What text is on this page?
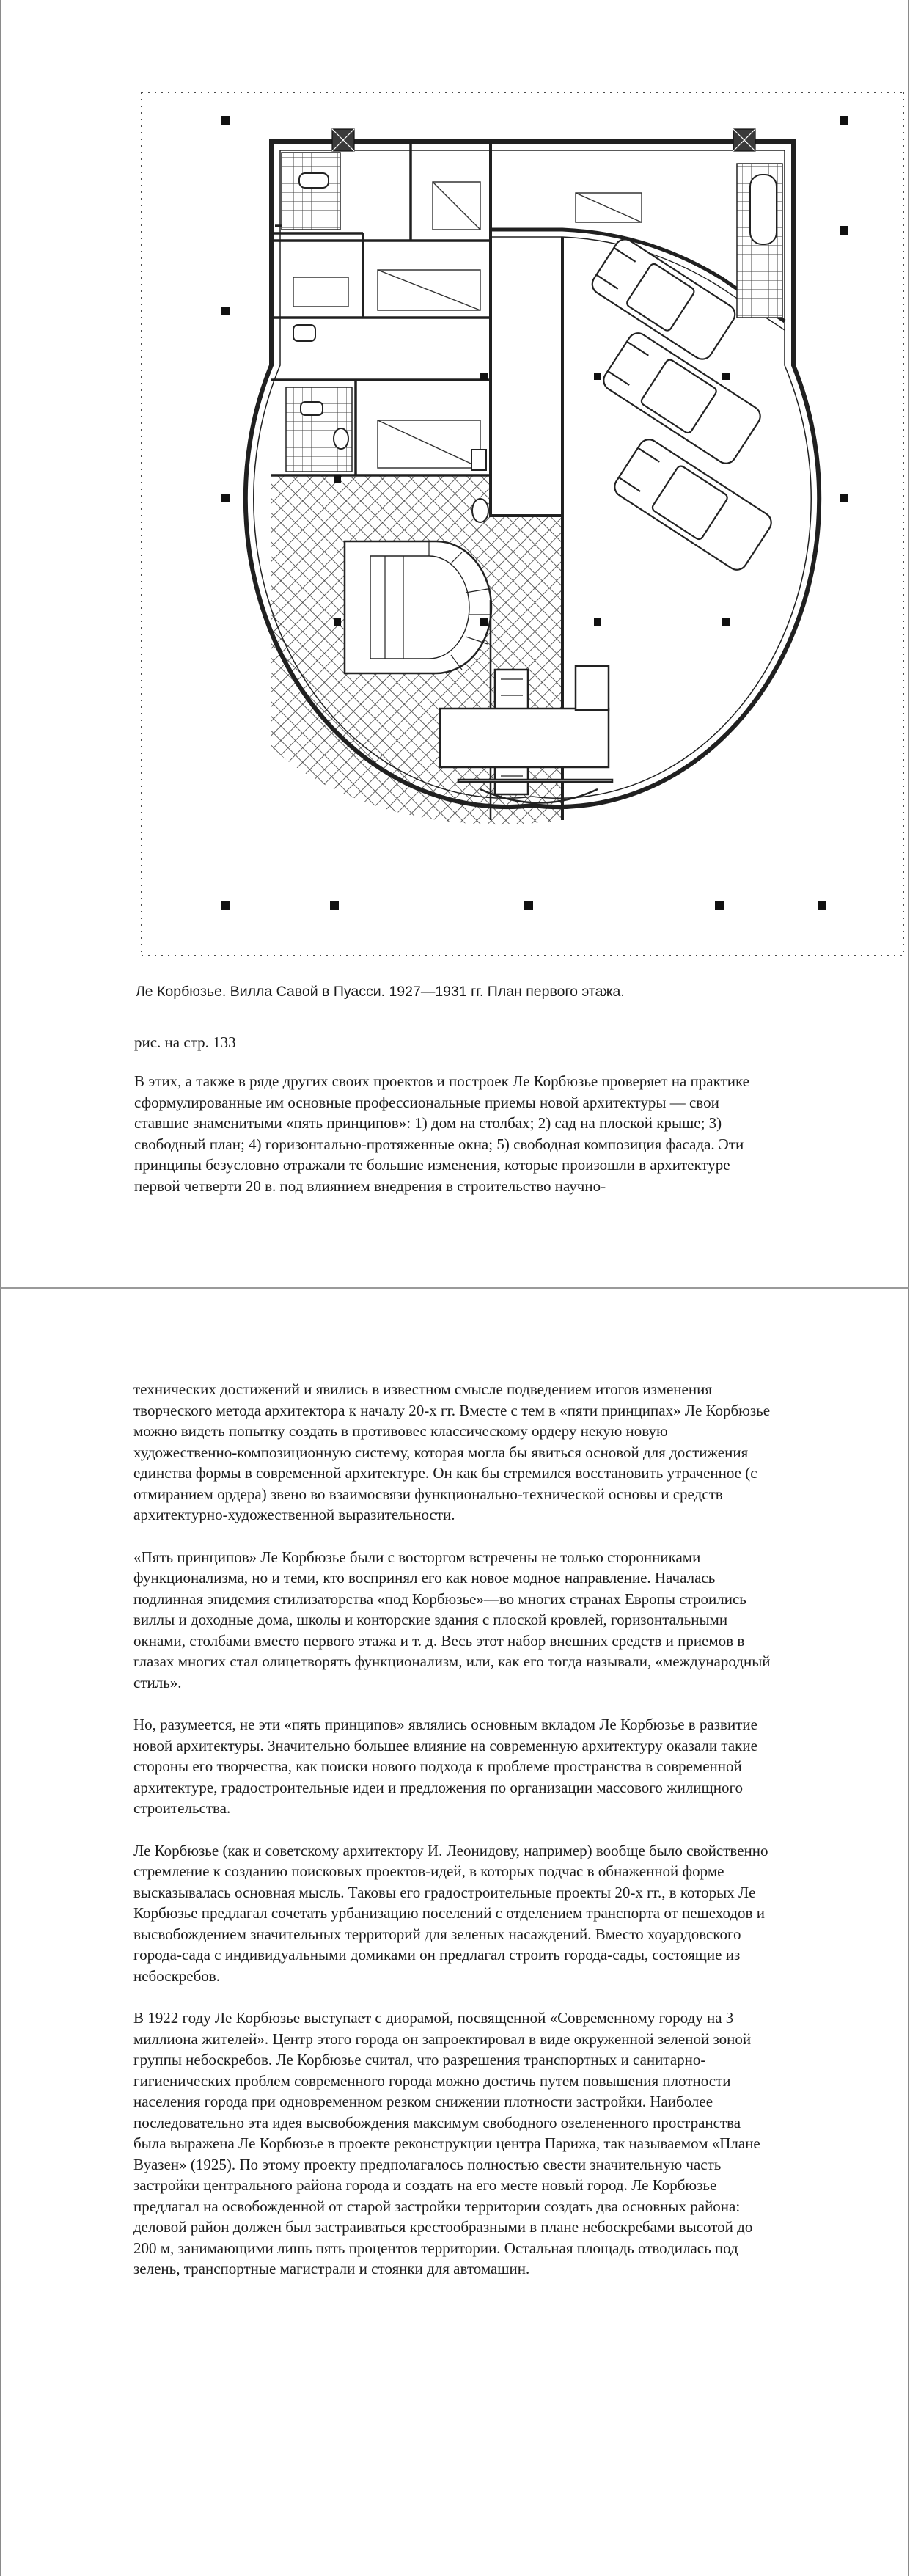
Ле Корбюзье. Вилла Савой в Пуасси. 1927—1931 гг. План первого этажа.

рис. на стр. 133

В этих, а также в ряде других своих проектов и построек Ле Корбюзье проверяет на практике сформулированные им основные профессиональные приемы новой архитектуры — свои ставшие знаменитыми «пять принципов»: 1) дом на столбах; 2) сад на плоской крыше; 3) свободный план; 4) горизонтально-протяженные окна; 5) свободная композиция фасада. Эти принципы безусловно отражали те большие изменения, которые произошли в архитектуре первой четверти 20 в. под влиянием внедрения в строительство научно-

технических достижений и явились в известном смысле подведением итогов изменения творческого метода архитектора к началу 20-х гг. Вместе с тем в «пяти принципах» Ле Корбюзье можно видеть попытку создать в противовес классическому ордеру некую новую художественно-композиционную систему, которая могла бы явиться основой для достижения единства формы в современной архитектуре. Он как бы стремился восстановить утраченное (с отмиранием ордера) звено во взаимосвязи функционально-технической основы и средств архитектурно-художественной выразительности.

«Пять принципов» Ле Корбюзье были с восторгом встречены не только сторонниками функционализма, но и теми, кто воспринял его как новое модное направление. Началась подлинная эпидемия стилизаторства «под Корбюзье»—во многих странах Европы строились виллы и доходные дома, школы и конторские здания с плоской кровлей, горизонтальными окнами, столбами вместо первого этажа и т. д. Весь этот набор внешних средств и приемов в глазах многих стал олицетворять функционализм, или, как его тогда называли, «международный стиль».

Но, разумеется, не эти «пять принципов» являлись основным вкладом Ле Корбюзье в развитие новой архитектуры. Значительно большее влияние на современную архитектуру оказали такие стороны его творчества, как поиски нового подхода к проблеме пространства в современной архитектуре, градостроительные идеи и предложения по организации массового жилищного строительства.

Ле Корбюзье (как и советскому архитектору И. Леонидову, например) вообще было свойственно стремление к созданию поисковых проектов-идей, в которых подчас в обнаженной форме высказывалась основная мысль. Таковы его градостроительные проекты 20-х гг., в которых Ле Корбюзье предлагал сочетать урбанизацию поселений с отделением транспорта от пешеходов и высвобождением значительных территорий для зеленых насаждений. Вместо хоуардовского города-сада с индивидуальными домиками он предлагал строить города-сады, состоящие из небоскребов.

В 1922 году Ле Корбюзье выступает с диорамой, посвященной «Современному городу на 3 миллиона жителей». Центр этого города он запроектировал в виде окруженной зеленой зоной группы небоскребов. Ле Корбюзье считал, что разрешения транспортных и санитарно-гигиенических проблем современного города можно достичь путем повышения плотности населения города при одновременном резком снижении плотности застройки. Наиболее последовательно эта идея высвобождения максимум свободного озелененного пространства была выражена Ле Корбюзье в проекте реконструкции центра Парижа, так называемом «Плане Вуазен» (1925). По этому проекту предполагалось полностью свести значительную часть застройки центрального района города и создать на его месте новый город. Ле Корбюзье предлагал на освобожденной от старой застройки территории создать два основных района: деловой район должен был застраиваться крестообразными в плане небоскребами высотой до 200 м, занимающими лишь пять процентов территории. Остальная площадь отводилась под зелень, транспортные магистрали и стоянки для автомашин.
